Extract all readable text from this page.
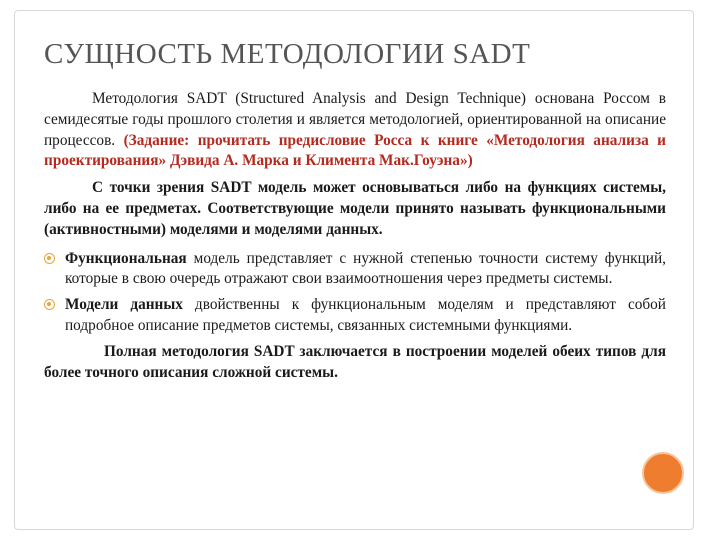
СУЩНОСТЬ МЕТОДОЛОГИИ SADT

Методология SADT (Structured Analysis and Design Technique) основана Россом в семидесятые годы прошлого столетия и является методологией, ориентированной на описание процессов. (Задание: прочитать предисловие Росса к книге «Методология анализа и проектирования» Дэвида А. Марка и Климента Мак.Гоуэна»)

С точки зрения SADT модель может основываться либо на функциях системы, либо на ее предметах. Соответствующие модели принято называть функциональными (активностными) моделями и моделями данных.

Функциональная модель представляет с нужной степенью точности систему функций, которые в свою очередь отражают свои взаимоотношения через предметы системы.
Модели данных двойственны к функциональным моделям и представляют собой подробное описание предметов системы, связанных системными функциями.

Полная методология SADT заключается в построении моделей обеих типов для более точного описания сложной системы.
